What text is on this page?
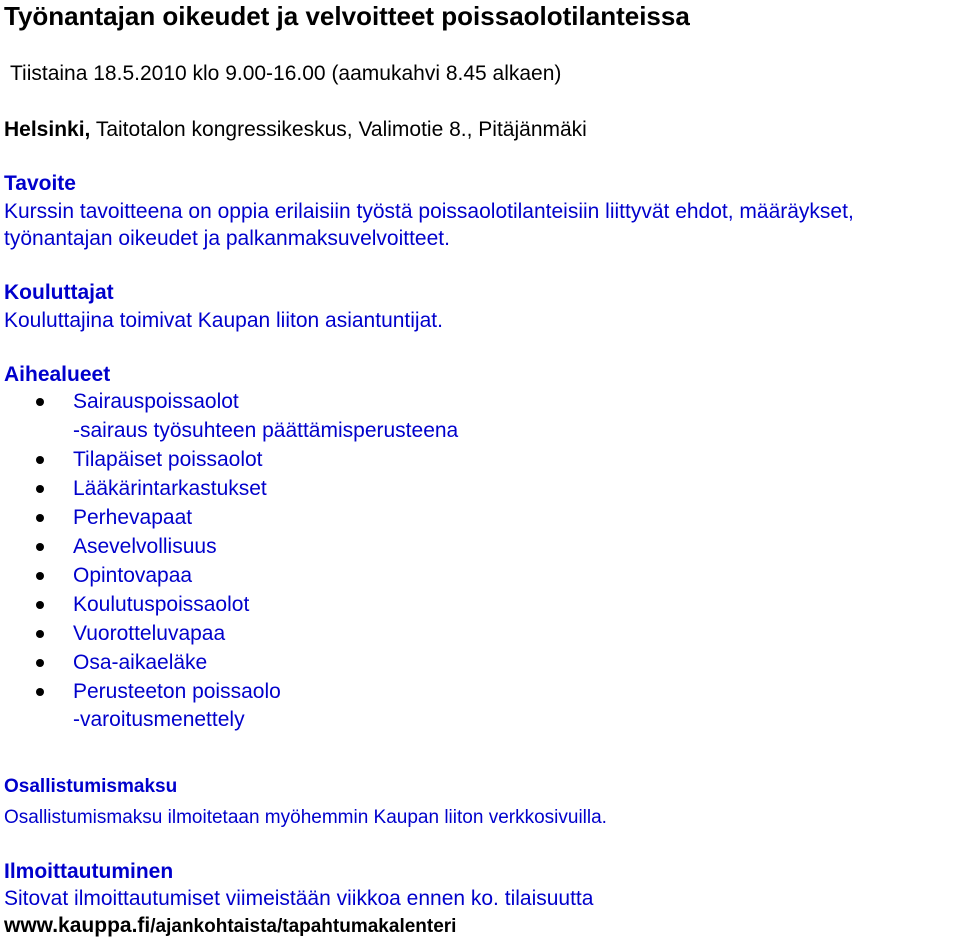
Työnantajan oikeudet ja velvoitteet poissaolotilanteissa
Tiistaina 18.5.2010 klo 9.00-16.00 (aamukahvi 8.45 alkaen)
Helsinki, Taitotalon kongressikeskus, Valimotie 8., Pitäjänmäki
Tavoite
Kurssin tavoitteena on oppia erilaisiin työstä poissaolotilanteisiin liittyvät ehdot, määräykset,
työnantajan oikeudet ja palkanmaksuvelvoitteet.
Kouluttajat
Kouluttajina toimivat Kaupan liiton asiantuntijat.
Aihealueet
Sairauspoissaolot
-sairaus työsuhteen päättämisperusteena
Tilapäiset poissaolot
Lääkärintarkastukset
Perhevapaat
Asevelvollisuus
Opintovapaa
Koulutuspoissaolot
Vuorotteluvapaa
Osa-aikaeläke
Perusteeton poissaolo
-varoitusmenettely
Osallistumismaksu
Osallistumismaksu ilmoitetaan myöhemmin Kaupan liiton verkkosivuilla.
Ilmoittautuminen
Sitovat ilmoittautumiset viimeistään viikkoa ennen ko. tilaisuutta
www.kauppa.fi/ajankohtaista/tapahtumakalenteri
